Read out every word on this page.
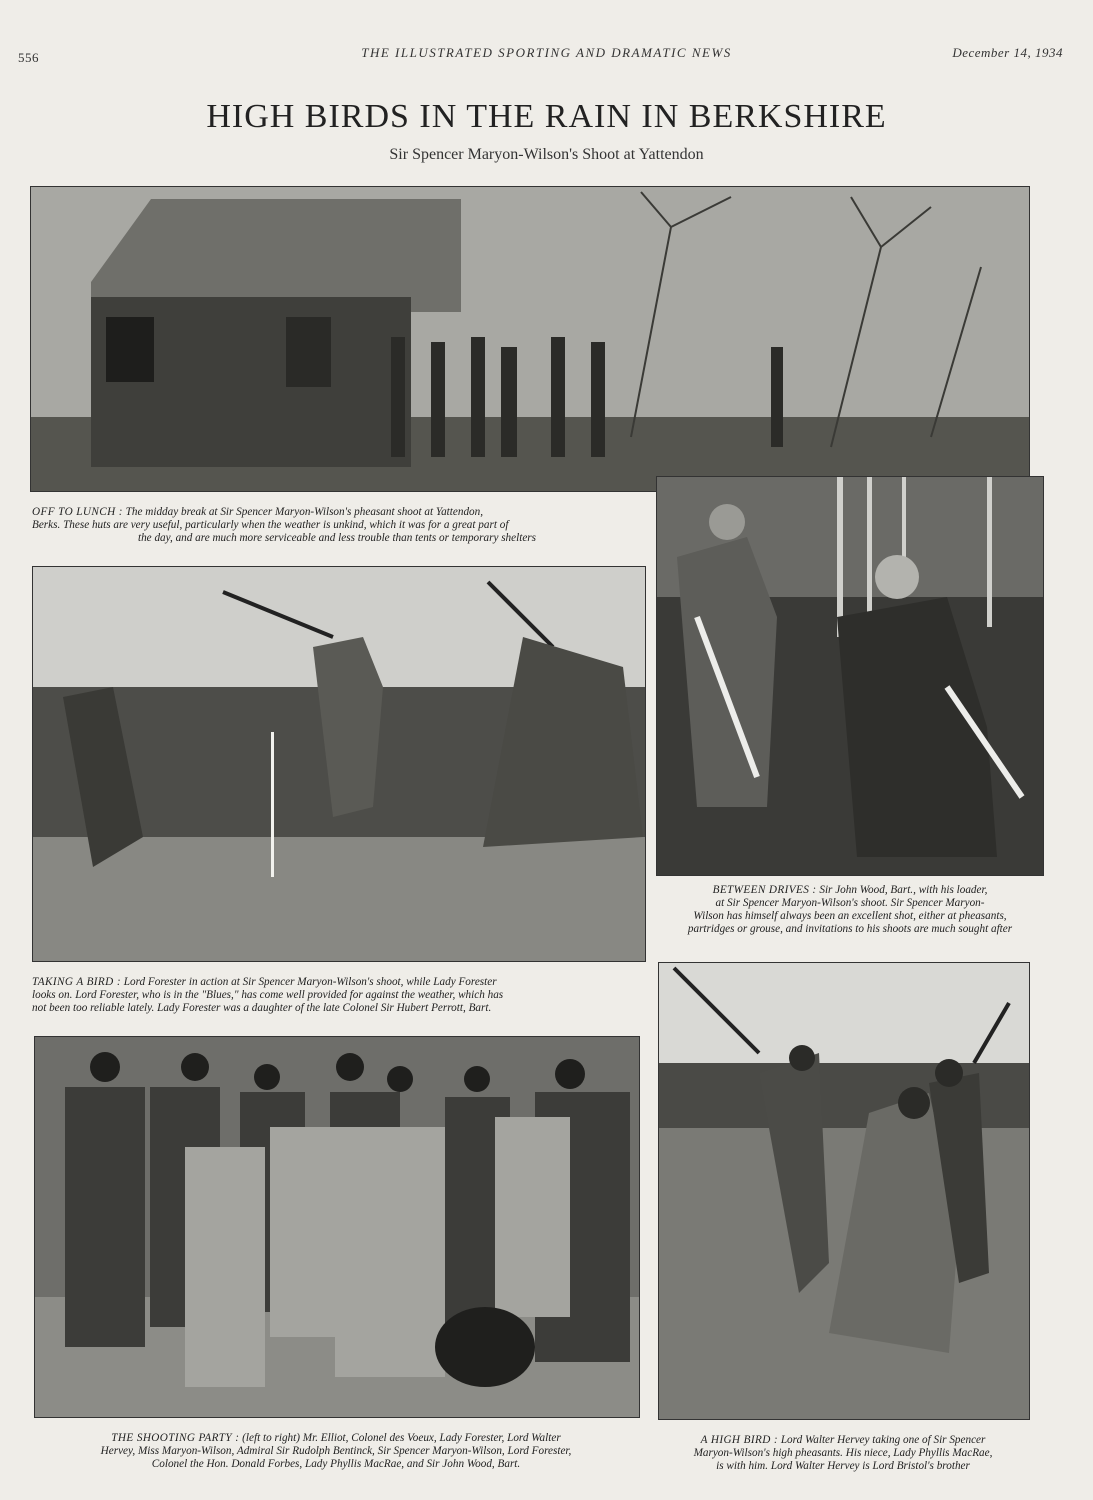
556	THE ILLUSTRATED SPORTING AND DRAMATIC NEWS	December 14, 1934
HIGH BIRDS IN THE RAIN IN BERKSHIRE
Sir Spencer Maryon-Wilson's Shoot at Yattendon
OFF TO LUNCH : The midday break at Sir Spencer Maryon-Wilson's pheasant shoot at Yattendon,
Berks. These huts are very useful, particularly when the weather is unkind, which it was for a great part of
the day, and are much more serviceable and less trouble than tents or temporary shelters
TAKING A BIRD : Lord Forester in action at Sir Spencer Maryon-Wilson's shoot, while Lady Forester
looks on. Lord Forester, who is in the "Blues," has come well provided for against the weather, which has
not been too reliable lately. Lady Forester was a daughter of the late Colonel Sir Hubert Perrott, Bart.
BETWEEN DRIVES : Sir John Wood, Bart., with his loader,
at Sir Spencer Maryon-Wilson's shoot. Sir Spencer Maryon-
Wilson has himself always been an excellent shot, either at pheasants,
partridges or grouse, and invitations to his shoots are much sought after
THE SHOOTING PARTY : (left to right) Mr. Elliot, Colonel des Voeux, Lady Forester, Lord Walter
Hervey, Miss Maryon-Wilson, Admiral Sir Rudolph Bentinck, Sir Spencer Maryon-Wilson, Lord Forester,
Colonel the Hon. Donald Forbes, Lady Phyllis MacRae, and Sir John Wood, Bart.
A HIGH BIRD : Lord Walter Hervey taking one of Sir Spencer
Maryon-Wilson's high pheasants. His niece, Lady Phyllis MacRae,
is with him. Lord Walter Hervey is Lord Bristol's brother
